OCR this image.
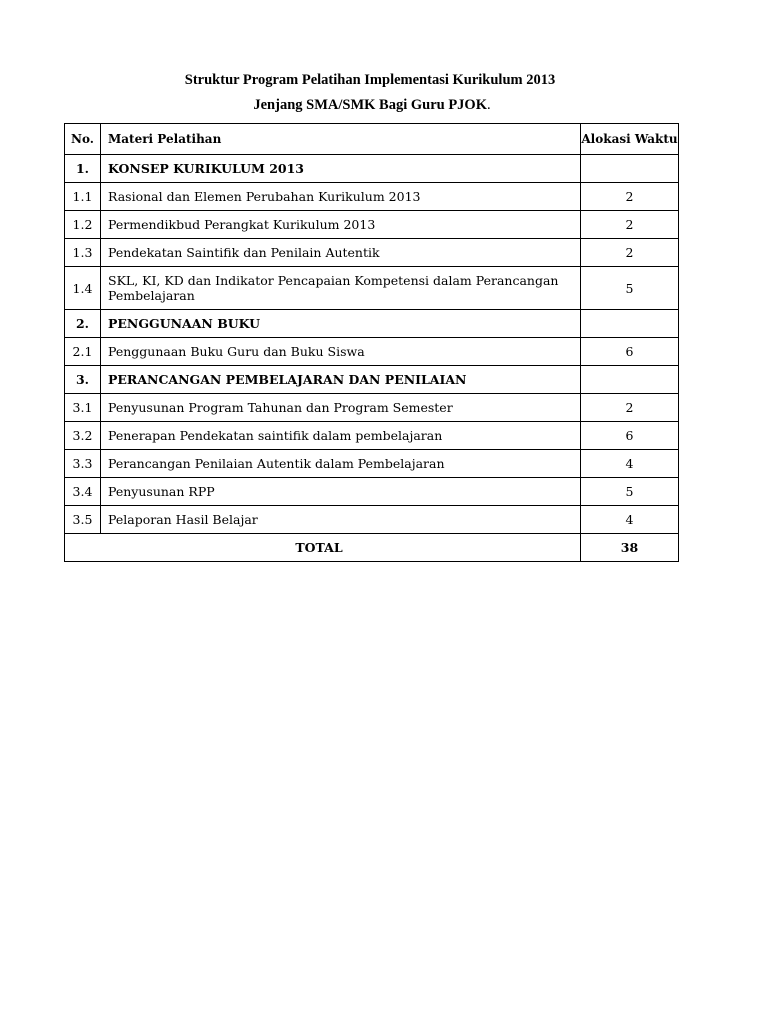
Struktur Program Pelatihan Implementasi Kurikulum 2013
Jenjang SMA/SMK Bagi Guru PJOK.
No.	Materi Pelatihan	Alokasi Waktu
1.	KONSEP KURIKULUM 2013	
1.1	Rasional dan Elemen Perubahan Kurikulum 2013	2
1.2	Permendikbud Perangkat Kurikulum 2013	2
1.3	Pendekatan Saintifik dan Penilain Autentik	2
1.4	SKL, KI, KD dan Indikator Pencapaian Kompetensi dalam Perancangan Pembelajaran	5
2.	PENGGUNAAN BUKU	
2.1	Penggunaan Buku Guru dan Buku Siswa	6
3.	PERANCANGAN PEMBELAJARAN DAN PENILAIAN	
3.1	Penyusunan Program Tahunan dan Program Semester	2
3.2	Penerapan Pendekatan saintifik dalam pembelajaran	6
3.3	Perancangan Penilaian Autentik dalam Pembelajaran	4
3.4	Penyusunan RPP	5
3.5	Pelaporan Hasil Belajar	4
TOTAL		38
